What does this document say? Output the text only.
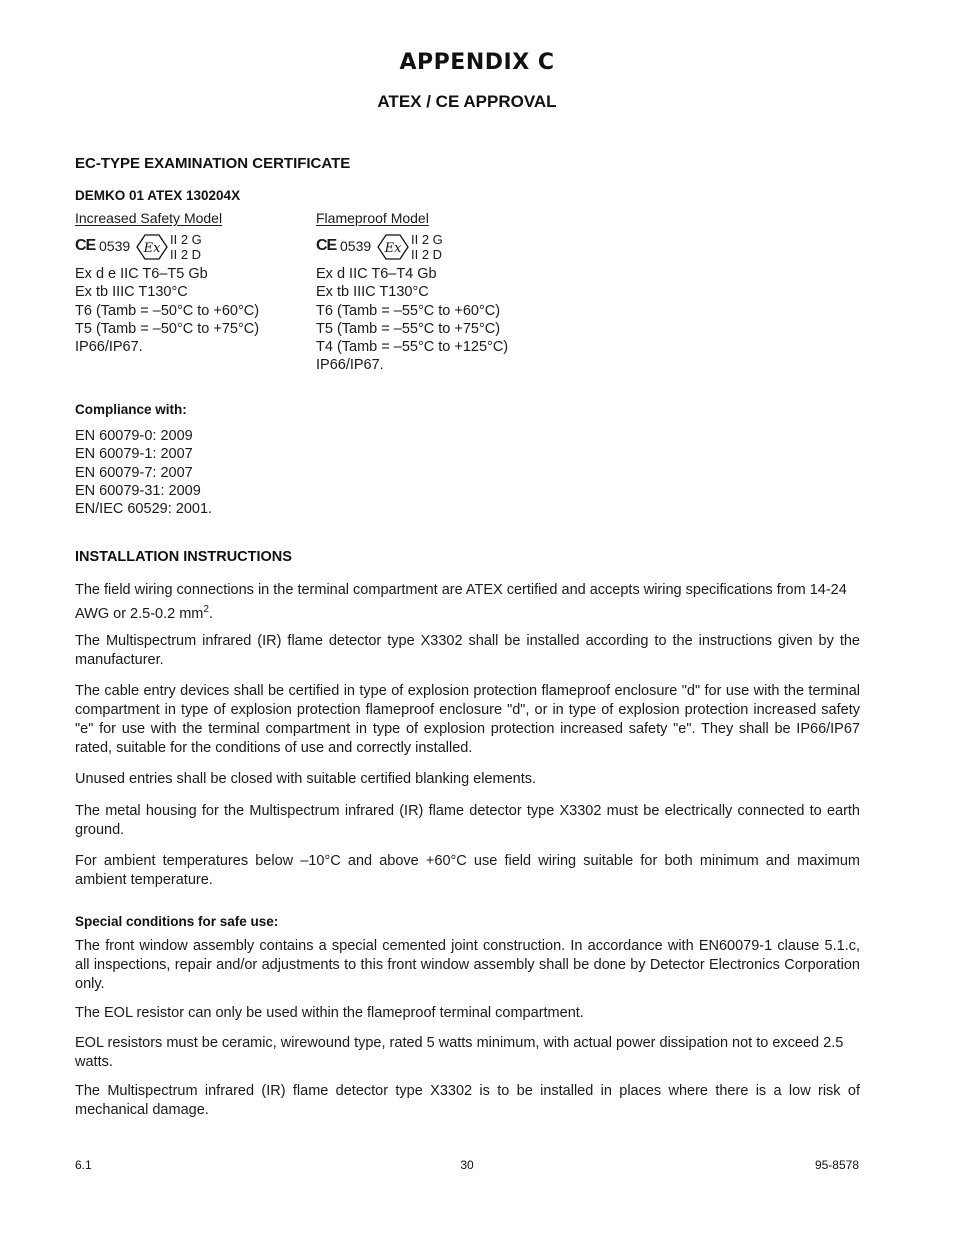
APPENDIX C
ATEX / CE APPROVAL
EC-TYPE EXAMINATION CERTIFICATE
DEMKO 01 ATEX 130204X
Increased Safety Model
CE 0539 Ex
II 2 G
II 2 D
Ex d e IIC T6–T5 Gb
Ex tb IIIC T130°C
T6 (Tamb = –50°C to +60°C)
T5 (Tamb = –50°C to +75°C)
IP66/IP67.
Flameproof Model
CE 0539 Ex
II 2 G
II 2 D
Ex d IIC T6–T4 Gb
Ex tb IIIC T130°C
T6 (Tamb = –55°C to +60°C)
T5 (Tamb = –55°C to +75°C)
T4 (Tamb = –55°C to +125°C)
IP66/IP67.
Compliance with:
EN 60079-0: 2009
EN 60079-1: 2007
EN 60079-7: 2007
EN 60079-31: 2009
EN/IEC 60529: 2001.
INSTALLATION INSTRUCTIONS

The field wiring connections in the terminal compartment are ATEX certified and accepts wiring specifications from 14-24 AWG or 2.5-0.2 $mm^2$.

The Multispectrum infrared (IR) flame detector type X3302 shall be installed according to the instructions given by the manufacturer.

The cable entry devices shall be certified in type of explosion protection flameproof enclosure "d" for use with the terminal compartment in type of explosion protection flameproof enclosure "d", or in type of explosion protection increased safety "e" for use with the terminal compartment in type of explosion protection increased safety "e". They shall be IP66/IP67 rated, suitable for the conditions of use and correctly installed.

Unused entries shall be closed with suitable certified blanking elements.

The metal housing for the Multispectrum infrared (IR) flame detector type X3302 must be electrically connected to earth ground.

For ambient temperatures below –10°C and above +60°C use field wiring suitable for both minimum and maximum ambient temperature.

Special conditions for safe use:

The front window assembly contains a special cemented joint construction. In accordance with EN60079-1 clause 5.1.c, all inspections, repair and/or adjustments to this front window assembly shall be done by Detector Electronics Corporation only.

The EOL resistor can only be used within the flameproof terminal compartment.

EOL resistors must be ceramic, wirewound type, rated 5 watts minimum, with actual power dissipation not to exceed 2.5 watts.

The Multispectrum infrared (IR) flame detector type X3302 is to be installed in places where there is a low risk of mechanical damage.

6.1	30	95-8578
